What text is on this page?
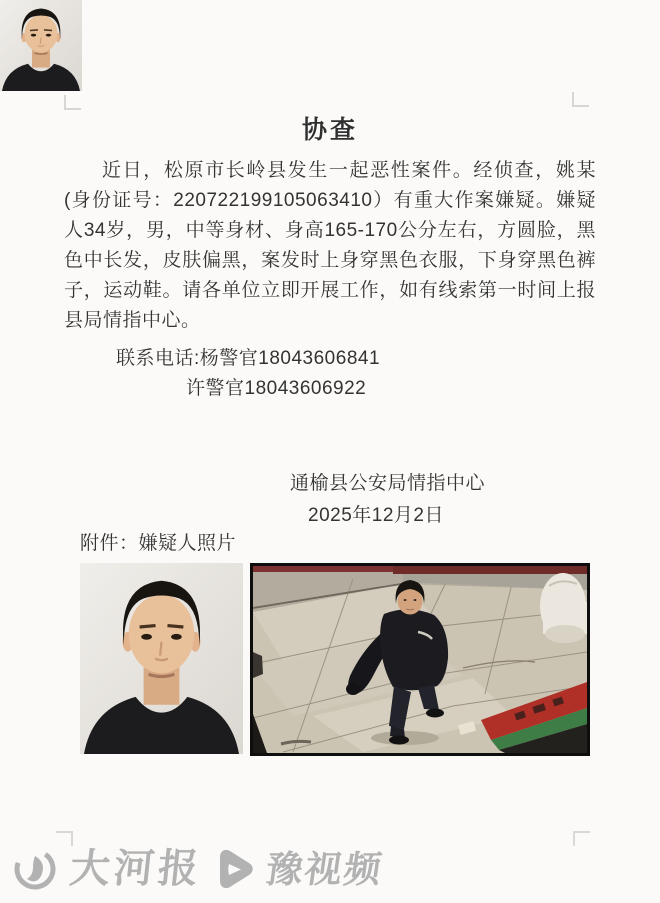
协查
近日，松原市长岭县发生一起恶性案件。经侦查，姚某(身份证号：220722199105063410）有重大作案嫌疑。嫌疑人34岁，男，中等身材、身高165-170公分左右，方圆脸，黑色中长发，皮肤偏黑，案发时上身穿黑色衣服，下身穿黑色裤子，运动鞋。请各单位立即开展工作，如有线索第一时间上报县局情指中心。
联系电话:杨警官18043606841
许警官18043606922
通榆县公安局情指中心
2025年12月2日
附件：嫌疑人照片
大河报 豫视频
